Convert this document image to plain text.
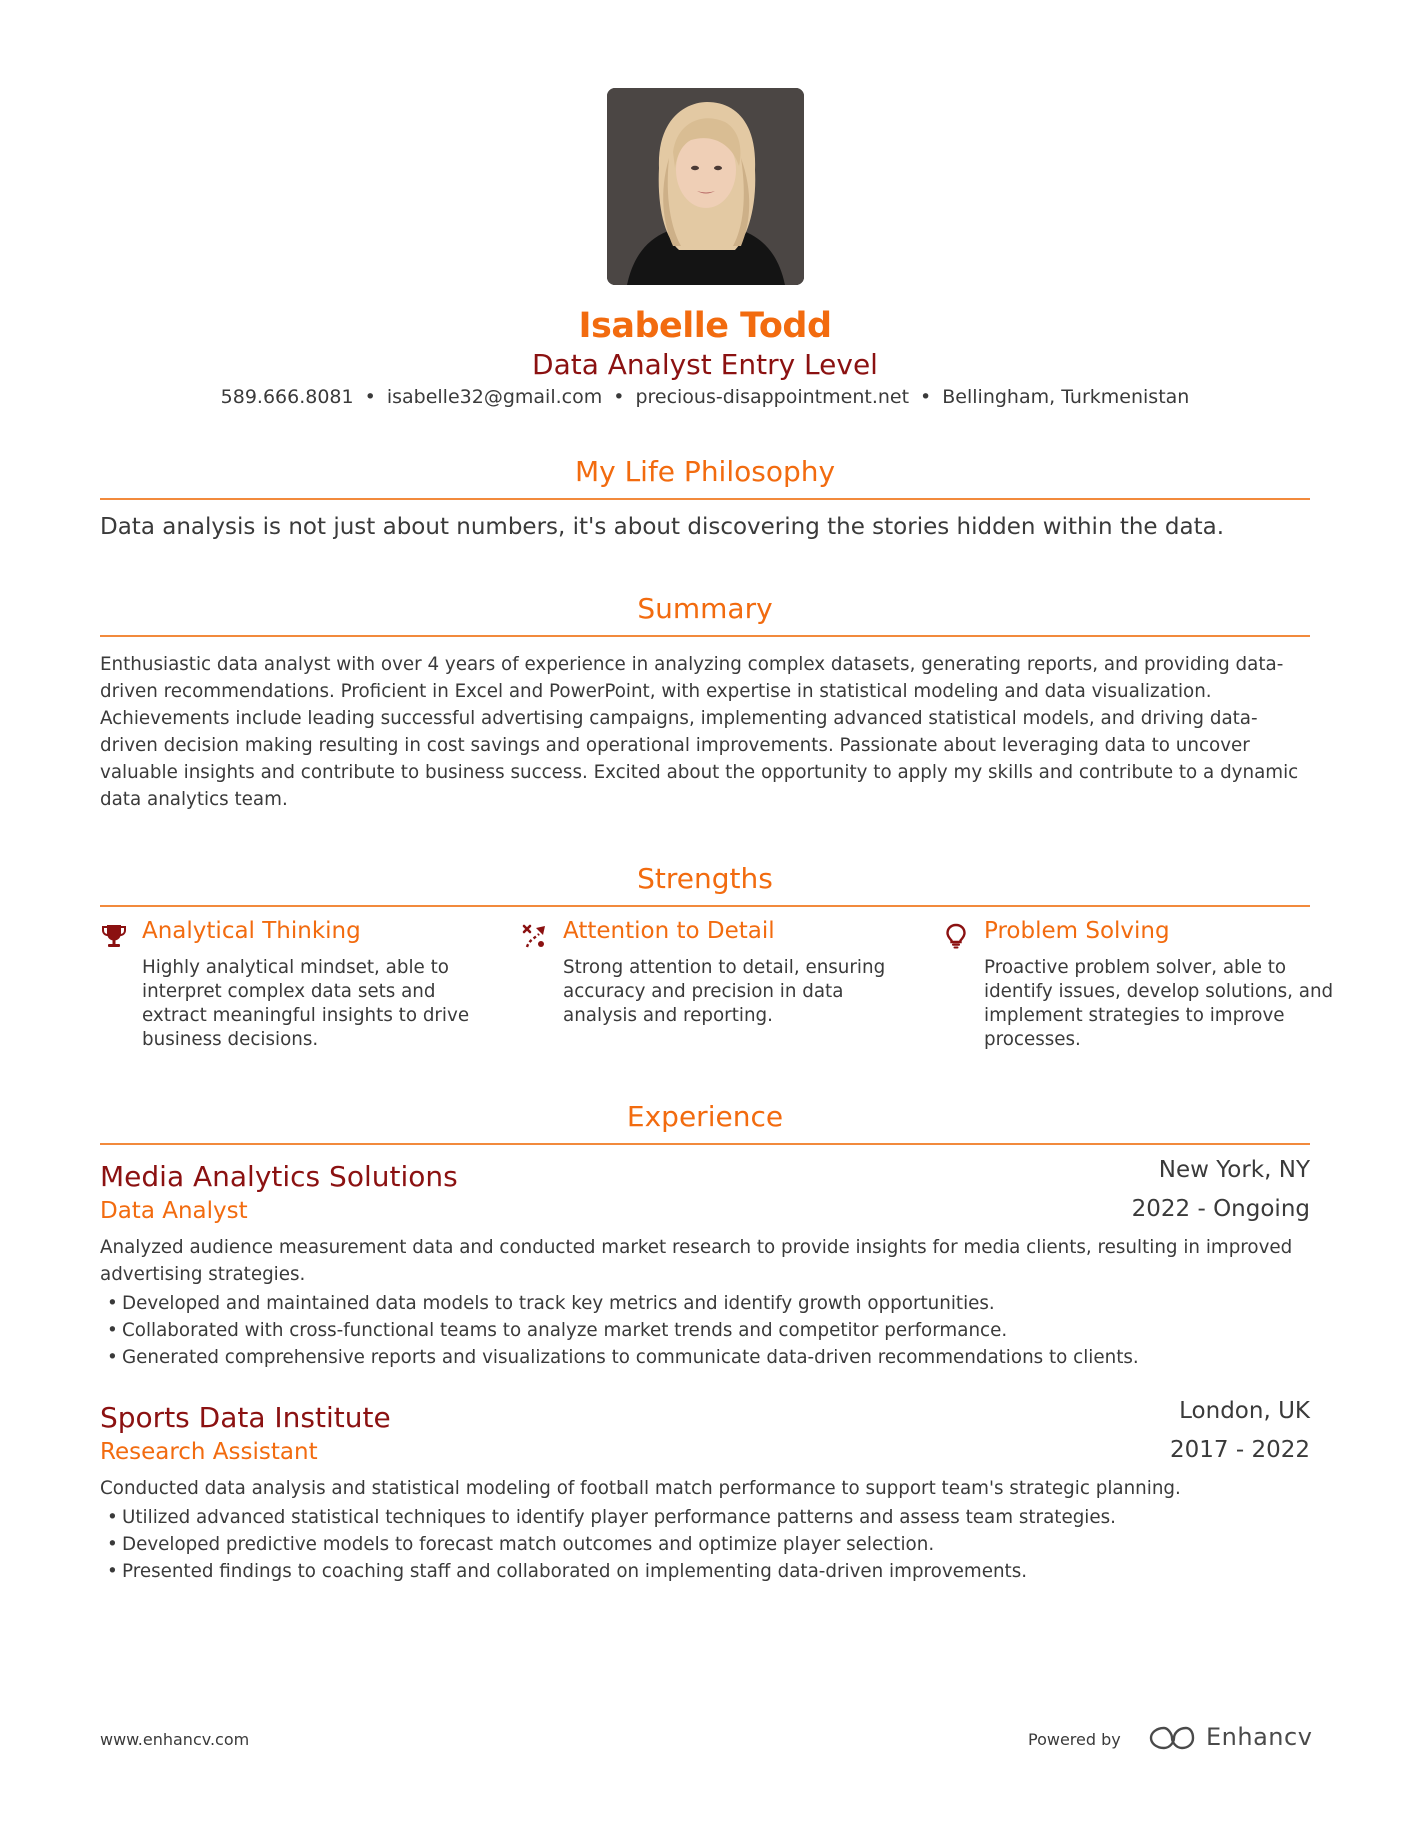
Isabelle Todd
Data Analyst Entry Level
589.666.8081 • isabelle32@gmail.com • precious-disappointment.net • Bellingham, Turkmenistan
My Life Philosophy
Data analysis is not just about numbers, it's about discovering the stories hidden within the data.
Summary
Enthusiastic data analyst with over 4 years of experience in analyzing complex datasets, generating reports, and providing data-driven recommendations. Proficient in Excel and PowerPoint, with expertise in statistical modeling and data visualization. Achievements include leading successful advertising campaigns, implementing advanced statistical models, and driving data-driven decision making resulting in cost savings and operational improvements. Passionate about leveraging data to uncover valuable insights and contribute to business success. Excited about the opportunity to apply my skills and contribute to a dynamic data analytics team.
Strengths
Analytical Thinking
Highly analytical mindset, able to interpret complex data sets and extract meaningful insights to drive business decisions.
Attention to Detail
Strong attention to detail, ensuring accuracy and precision in data analysis and reporting.
Problem Solving
Proactive problem solver, able to identify issues, develop solutions, and implement strategies to improve processes.
Experience
Media Analytics Solutions	New York, NY
Data Analyst	2022 - Ongoing
Analyzed audience measurement data and conducted market research to provide insights for media clients, resulting in improved advertising strategies.
• Developed and maintained data models to track key metrics and identify growth opportunities.
• Collaborated with cross-functional teams to analyze market trends and competitor performance.
• Generated comprehensive reports and visualizations to communicate data-driven recommendations to clients.
Sports Data Institute	London, UK
Research Assistant	2017 - 2022
Conducted data analysis and statistical modeling of football match performance to support team's strategic planning.
• Utilized advanced statistical techniques to identify player performance patterns and assess team strategies.
• Developed predictive models to forecast match outcomes and optimize player selection.
• Presented findings to coaching staff and collaborated on implementing data-driven improvements.
www.enhancv.com	Powered by	Enhancv
